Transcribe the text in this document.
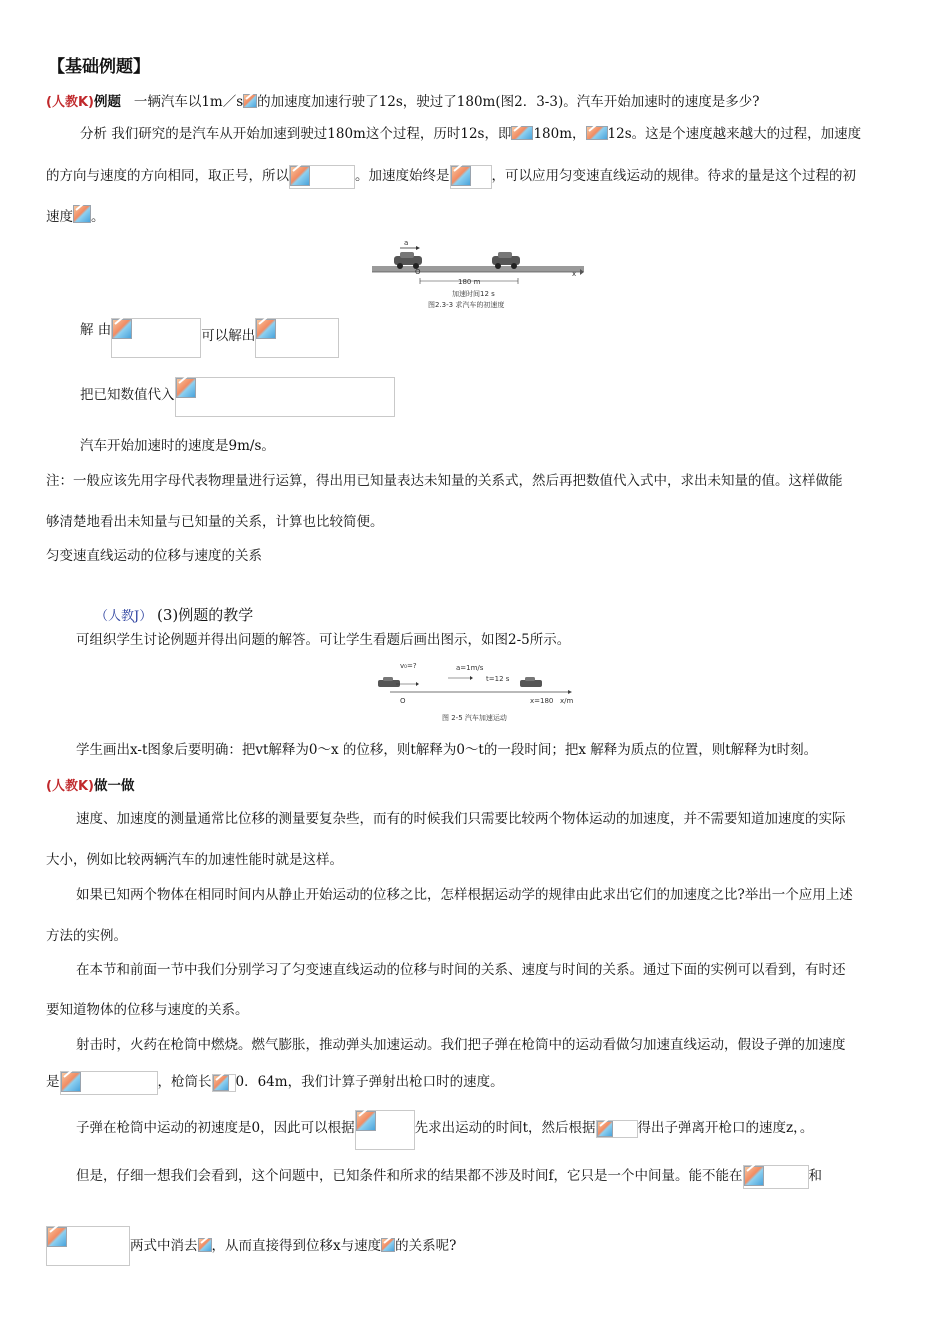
【基础例题】
(人教K)例题 一辆汽车以1m／s 的加速度加速行驶了12s，驶过了180m(图2．3-3)。汽车开始加速时的速度是多少?
分析 我们研究的是汽车从开始加速到驶过180m这个过程，历时12s，即 180m， 12s。这是个速度越来越大的过程，加速度
的方向与速度的方向相同，取正号，所以	。加速度始终是	，可以应用匀变速直线运动的规律。待求的量是这个过程的初
速度 。
a
O	x
180 m
加速时间12 s
图2.3-3 求汽车的初速度
解 由	可以解出
把已知数值代入
汽车开始加速时的速度是9m/s。
注：一般应该先用字母代表物理量进行运算，得出用已知量表达未知量的关系式，然后再把数值代入式中，求出未知量的值。这样做能
够清楚地看出未知量与已知量的关系，计算也比较简便。
匀变速直线运动的位移与速度的关系
（人教J） (3)例题的教学
可组织学生讨论例题并得出问题的解答。可让学生看题后画出图示，如图2-5所示。
v₀=?	a=1m/s
t=12 s
O	x=180 x/m
图 2-5 汽车加速运动
学生画出x-t图象后要明确：把vt解释为0～x 的位移，则t解释为0～t的一段时间；把x 解释为质点的位置，则t解释为t时刻。
(人教K)做一做
速度、加速度的测量通常比位移的测量要复杂些，而有的时候我们只需要比较两个物体运动的加速度，并不需要知道加速度的实际
大小，例如比较两辆汽车的加速性能时就是这样。
如果已知两个物体在相同时间内从静止开始运动的位移之比，怎样根据运动学的规律由此求出它们的加速度之比?举出一个应用上述
方法的实例。
在本节和前面一节中我们分别学习了匀变速直线运动的位移与时间的关系、速度与时间的关系。通过下面的实例可以看到，有时还
要知道物体的位移与速度的关系。
射击时，火药在枪筒中燃烧。燃气膨胀，推动弹头加速运动。我们把子弹在枪筒中的运动看做匀加速直线运动，假设子弹的加速度
是	，枪筒长 0．64m，我们计算子弹射出枪口时的速度。
子弹在枪筒中运动的初速度是0，因此可以根据	先求出运动的时间t，然后根据	得出子弹离开枪口的速度z，。
但是，仔细一想我们会看到，这个问题中，已知条件和所求的结果都不涉及时间f，它只是一个中间量。能不能在	和
两式中消去 ，从而直接得到位移x与速度 的关系呢?
